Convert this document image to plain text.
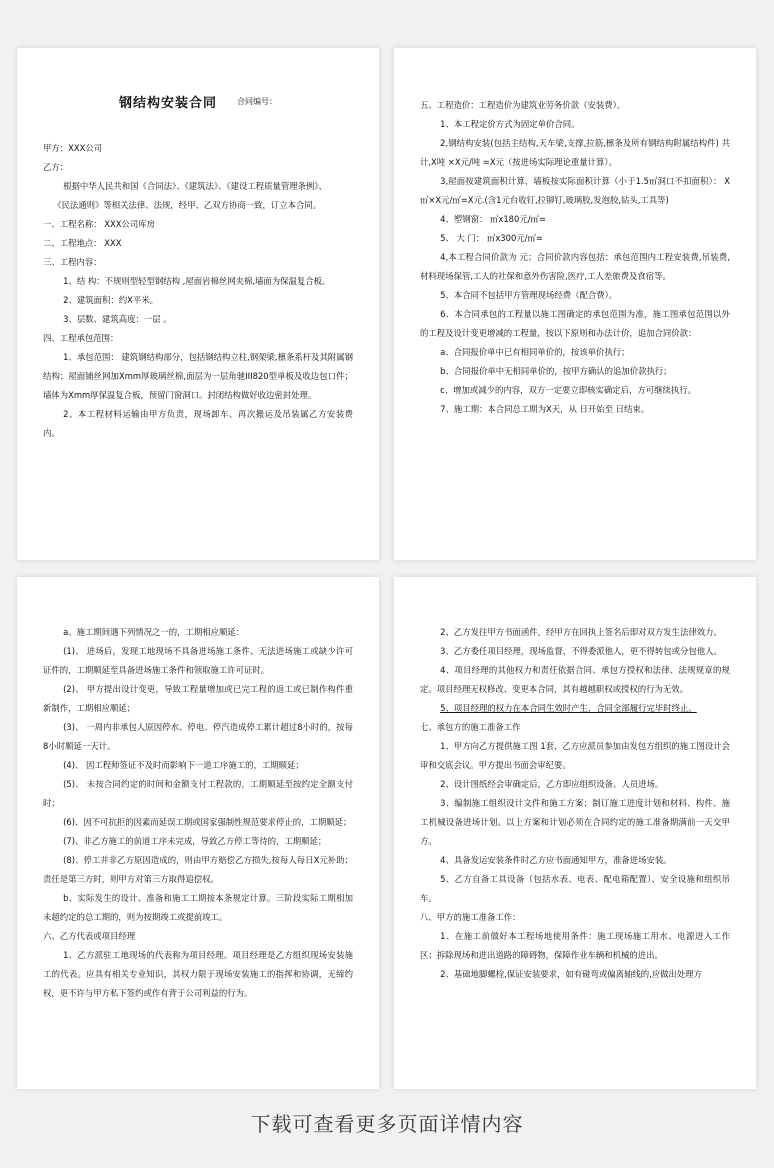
钢结构安装合同 合同编号：

甲方：XXX公司

乙方：

根据中华人民共和国《合同法》、《建筑法》、《建设工程质量管理条例》、

《民法通则》等相关法律、法规，经甲、乙双方协商一致，订立本合同。

一、工程名称： XXX公司库房

二、工程地点： XXX

三、工程内容：

1、结 构：不规则型轻型钢结构 ,屋面岩棉丝网夹棉,墙面为保温复合板。

2、建筑面积：约X平米。

3、层数、建筑高度：一层 。

四、工程承包范围：

1、承包范围： 建筑钢结构部分，包括钢结构立柱,钢架梁,檩条系杆及其附属钢结构；屋面铺丝网加Xmm厚玻璃丝棉,面层为一层角驰III820型单板及收边包口件；墙体为Xmm厚保温复合板，预留门窗洞口。封闭结构做好收边密封处理。

2、本工程材料运输由甲方负责，现场卸车、再次搬运及吊装属乙方安装费内。

五、工程造价：工程造价为建筑业劳务价款（安装费）。

1、本工程定价方式为固定单价合同。

2,钢结构安装(包括主结构,天车梁,支撑,拉筋,檩条及所有钢结构附属结构件) 共计,X吨 ×X元/吨 =X元（按进场实际理论重量计算）。

3,屋面按建筑面积计算，墙板按实际面积计算（小于1.5㎡洞口不扣面积）： X㎡×X元/㎡=X元.(含1元台收钉,拉铆钉,玻璃胶,发泡胶,钻头,工具等)

4、塑钢窗： ㎡x180元/㎡=

5、 大 门： ㎡x300元/㎡=

4,本工程合同价款为 元；合同价款内容包括：承包范围内工程安装费,吊装费,材料现场保管,工人的社保和意外伤害险,医疗,工人差旅费及食宿等。

5、本合同不包括甲方管理现场经费（配合费）。

6、本合同承包的工程量以施工图确定的承包范围为准，施工图承包范围以外的工程及设计变更增减的工程量，按以下原则和办法计价，追加合同价款：

a、合同报价单中已有相同单价的，按该单价执行；

b、合同报价单中无相同单价的，按甲方确认的追加价款执行；

c、增加或减少的内容，双方一定要立即核实确定后，方可继续执行。

7、施工期：本合同总工期为X天，从 日开始至 日结束。

a、施工期间遇下列情况之一的，工期相应顺延：

(1)、 进场后，发现工地现场不具备进场施工条件、无法进场施工或缺少许可证件的，工期顺延至具备进场施工条件和领取施工许可证时。

(2)、 甲方提出设计变更，导致工程量增加或已完工程的返工或已制作构件重新制作，工期相应顺延；

(3)、 一周内非承包人原因停水、停电、停汽造成停工累计超过8小时的，按每8小时顺延一天计。

(4)、 因工程师签证不及时而影响下一道工序施工的，工期顺延；

(5)、 未按合同约定的时间和金额支付工程款的，工期顺延至按约定全额支付时；

(6)、因不可抗拒的因素而延误工期或国家强制性规范要求停止的，工期顺延；

(7)、非乙方施工的前道工序未完成，导致乙方停工等待的，工期顺延；

(8)、停工并非乙方原因造成的，则由甲方赔偿乙方损失,按每人每日X元补助；责任是第三方时，则甲方对第三方取得追偿权。

b、实际发生的设计、准备和施工工期按本条规定计算。三阶段实际工期相加未超约定的总工期的，则为按期竣工或提前竣工。

六、乙方代表或项目经理

1、乙方派驻工地现场的代表称为项目经理。项目经理是乙方组织现场安装施工的代表。应具有相关专业知识，其权力限于现场安装施工的指挥和协调，无缔约权，更不许与甲方私下签约或作有背于公司利益的行为。

2、乙方发往甲方书面函件，经甲方在回执上签名后即对双方发生法律效力。

3、乙方委任项目经理，现场监督，不得委派他人，更不得转包或分包他人。

4、项目经理的其他权力和责任依据合同、承包方授权和法律、法规规章的规定。项目经理无权修改、变更本合同，其有越越职权或授权的行为无效。

5、项目经理的权力在本合同生效时产生，合同全部履行完毕时终止。

七、承包方的施工准备工作

1、甲方向乙方提供施工图 1套，乙方应派员参加由发包方组织的施工图设计会审和交底会议。甲方提出书面会审纪要。

2、设计图纸经会审确定后，乙方即应组织设备、人员进场。

3、编制施工组织设计文件和施工方案；制订施工进度计划和材料、构件、施工机械设备进场计划。以上方案和计划必须在合同约定的施工准备期满前一天交甲方。

4、具备发运安装条件时乙方应书面通知甲方，准备进场安装。

5、乙方自备工具设备（包括水表、电表、配电箱配置）、安全设施和组织吊车。

八、甲方的施工准备工作：

1、在施工前做好本工程场地使用条件：施工现场施工用水、电源进入工作区；拆除现场和进出道路的障碍物，保障作业车辆和机械的进出。

2、基础地脚螺栓,保证安装要求，如有碰弯或偏离轴线的,应做出处理方

下载可查看更多页面详情内容
